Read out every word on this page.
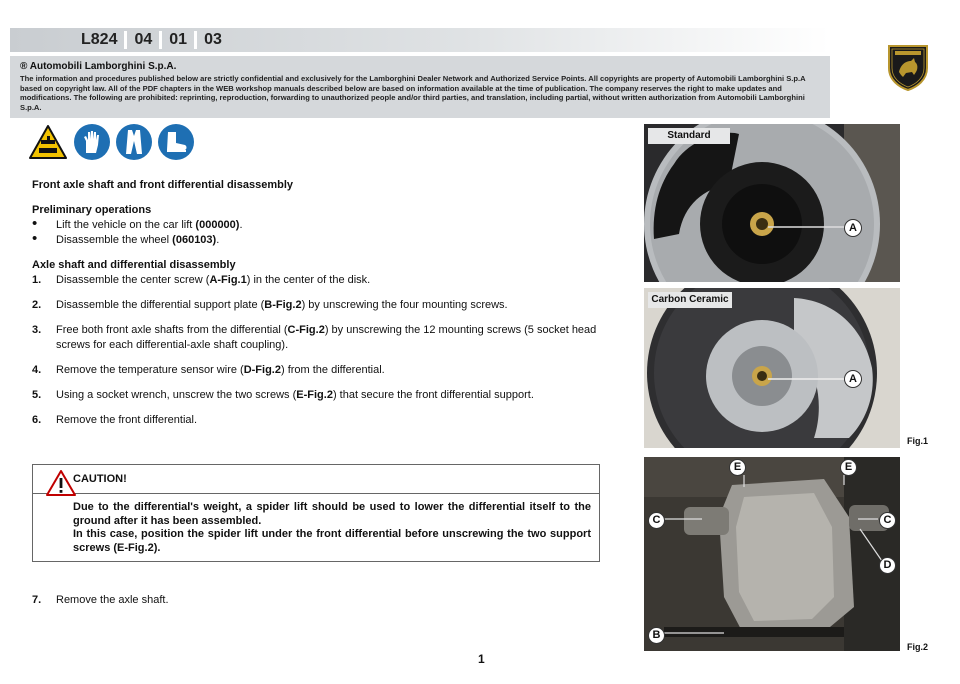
L824	04	01	03
® Automobili Lamborghini S.p.A.
The information and procedures published below are strictly confidential and exclusively for the Lamborghini Dealer Network and Authorized Service Points. All copyrights are property of Automobili Lamborghini S.p.A based on copyright law. All of the PDF chapters in the WEB workshop manuals described below are based on information available at the time of publication. The company reserves the right to make updates and modifications. The following are prohibited: reprinting, reproduction, forwarding to unauthorized people and/or third parties, and translation, including partial, without written authorization from Automobili Lamborghini S.p.A.
Front axle shaft and front differential disassembly
Preliminary operations
• Lift the vehicle on the car lift (000000).
• Disassemble the wheel (060103).
Axle shaft and differential disassembly
1.	Disassemble the center screw (A-Fig.1) in the center of the disk.
2.	Disassemble the differential support plate (B-Fig.2) by unscrewing the four mounting screws.
3.	Free both front axle shafts from the differential (C-Fig.2) by unscrewing the 12 mounting screws (5 socket head screws for each differential-axle shaft coupling).
4.	Remove the temperature sensor wire (D-Fig.2) from the differential.
5.	Using a socket wrench, unscrew the two screws (E-Fig.2) that secure the front differential support.
6.	Remove the front differential.
CAUTION!
Due to the differential's weight, a spider lift should be used to lower the differential itself to the ground after it has been assembled.
In this case, position the spider lift under the front differential before unscrewing the two support screws (E-Fig.2).
7.	Remove the axle shaft.
Standard
A
Carbon Ceramic
A
Fig.1
E	E
C	C
D
B
Fig.2
1
